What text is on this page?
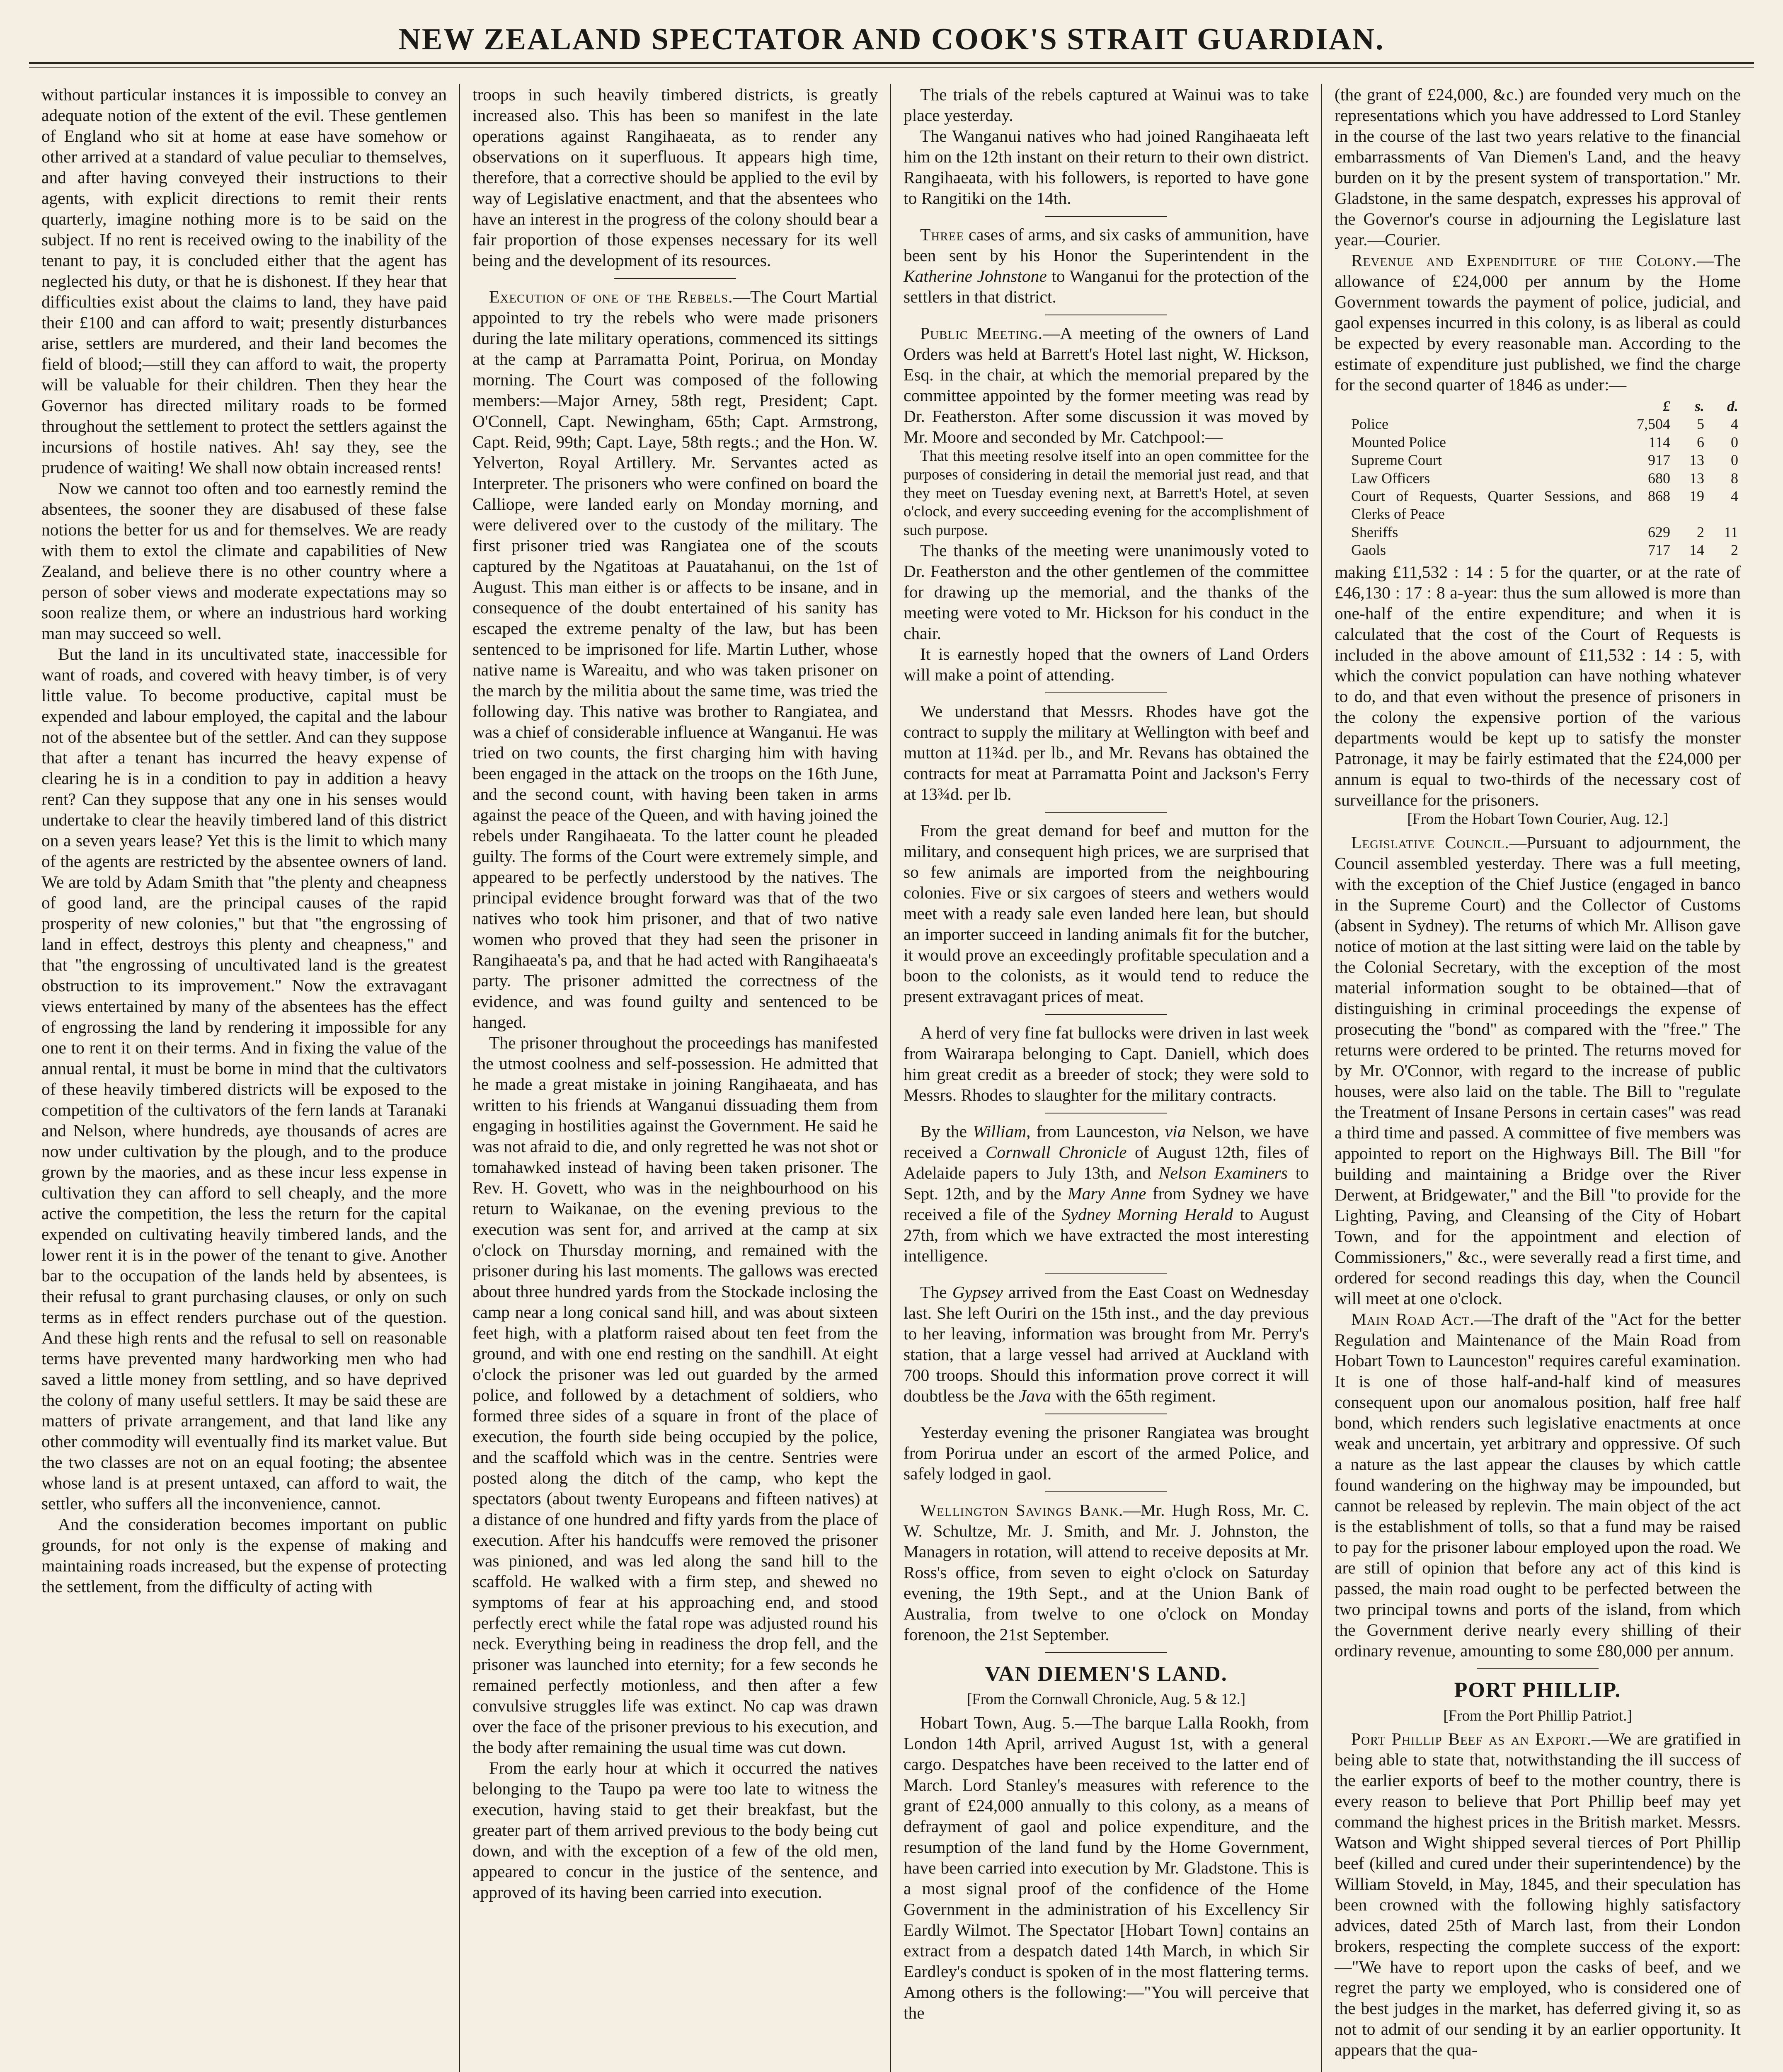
NEW ZEALAND SPECTATOR AND COOK'S STRAIT GUARDIAN.

without particular instances it is impossible to convey an adequate notion of the extent of the evil. These gentlemen of England who sit at home at ease have somehow or other arrived at a standard of value peculiar to themselves, and after having conveyed their instructions to their agents, with explicit directions to remit their rents quarterly, imagine nothing more is to be said on the subject. If no rent is received owing to the inability of the tenant to pay, it is concluded either that the agent has neglected his duty, or that he is dishonest. If they hear that difficulties exist about the claims to land, they have paid their £100 and can afford to wait; presently disturbances arise, settlers are murdered, and their land becomes the field of blood;—still they can afford to wait, the property will be valuable for their children. Then they hear the Governor has directed military roads to be formed throughout the settlement to protect the settlers against the incursions of hostile natives. Ah! say they, see the prudence of waiting! We shall now obtain increased rents!

Now we cannot too often and too earnestly remind the absentees, the sooner they are disabused of these false notions the better for us and for themselves. We are ready with them to extol the climate and capabilities of New Zealand, and believe there is no other country where a person of sober views and moderate expectations may so soon realize them, or where an industrious hard working man may succeed so well.

But the land in its uncultivated state, inaccessible for want of roads, and covered with heavy timber, is of very little value. To become productive, capital must be expended and labour employed, the capital and the labour not of the absentee but of the settler. And can they suppose that after a tenant has incurred the heavy expense of clearing he is in a condition to pay in addition a heavy rent? Can they suppose that any one in his senses would undertake to clear the heavily timbered land of this district on a seven years lease? Yet this is the limit to which many of the agents are restricted by the absentee owners of land. We are told by Adam Smith that "the plenty and cheapness of good land, are the principal causes of the rapid prosperity of new colonies," but that "the engrossing of land in effect, destroys this plenty and cheapness," and that "the engrossing of uncultivated land is the greatest obstruction to its improvement." Now the extravagant views entertained by many of the absentees has the effect of engrossing the land by rendering it impossible for any one to rent it on their terms. And in fixing the value of the annual rental, it must be borne in mind that the cultivators of these heavily timbered districts will be exposed to the competition of the cultivators of the fern lands at Taranaki and Nelson, where hundreds, aye thousands of acres are now under cultivation by the plough, and to the produce grown by the maories, and as these incur less expense in cultivation they can afford to sell cheaply, and the more active the competition, the less the return for the capital expended on cultivating heavily timbered lands, and the lower rent it is in the power of the tenant to give. Another bar to the occupation of the lands held by absentees, is their refusal to grant purchasing clauses, or only on such terms as in effect renders purchase out of the question. And these high rents and the refusal to sell on reasonable terms have prevented many hardworking men who had saved a little money from settling, and so have deprived the colony of many useful settlers. It may be said these are matters of private arrangement, and that land like any other commodity will eventually find its market value. But the two classes are not on an equal footing; the absentee whose land is at present untaxed, can afford to wait, the settler, who suffers all the inconvenience, cannot.

And the consideration becomes important on public grounds, for not only is the expense of making and maintaining roads increased, but the expense of protecting the settlement, from the difficulty of acting with

troops in such heavily timbered districts, is greatly increased also. This has been so manifest in the late operations against Rangihaeata, as to render any observations on it superfluous. It appears high time, therefore, that a corrective should be applied to the evil by way of Legislative enactment, and that the absentees who have an interest in the progress of the colony should bear a fair proportion of those expenses necessary for its well being and the development of its resources.

Execution of one of the Rebels.—The Court Martial appointed to try the rebels who were made prisoners during the late military operations, commenced its sittings at the camp at Parramatta Point, Porirua, on Monday morning. The Court was composed of the following members:—Major Arney, 58th regt, President; Capt. O'Connell, Capt. Newingham, 65th; Capt. Armstrong, Capt. Reid, 99th; Capt. Laye, 58th regts.; and the Hon. W. Yelverton, Royal Artillery. Mr. Servantes acted as Interpreter. The prisoners who were confined on board the Calliope, were landed early on Monday morning, and were delivered over to the custody of the military. The first prisoner tried was Rangiatea one of the scouts captured by the Ngatitoas at Pauatahanui, on the 1st of August. This man either is or affects to be insane, and in consequence of the doubt entertained of his sanity has escaped the extreme penalty of the law, but has been sentenced to be imprisoned for life. Martin Luther, whose native name is Wareaitu, and who was taken prisoner on the march by the militia about the same time, was tried the following day. This native was brother to Rangiatea, and was a chief of considerable influence at Wanganui. He was tried on two counts, the first charging him with having been engaged in the attack on the troops on the 16th June, and the second count, with having been taken in arms against the peace of the Queen, and with having joined the rebels under Rangihaeata. To the latter count he pleaded guilty. The forms of the Court were extremely simple, and appeared to be perfectly understood by the natives. The principal evidence brought forward was that of the two natives who took him prisoner, and that of two native women who proved that they had seen the prisoner in Rangihaeata's pa, and that he had acted with Rangihaeata's party. The prisoner admitted the correctness of the evidence, and was found guilty and sentenced to be hanged.

The prisoner throughout the proceedings has manifested the utmost coolness and self-possession. He admitted that he made a great mistake in joining Rangihaeata, and has written to his friends at Wanganui dissuading them from engaging in hostilities against the Government. He said he was not afraid to die, and only regretted he was not shot or tomahawked instead of having been taken prisoner. The Rev. H. Govett, who was in the neighbourhood on his return to Waikanae, on the evening previous to the execution was sent for, and arrived at the camp at six o'clock on Thursday morning, and remained with the prisoner during his last moments. The gallows was erected about three hundred yards from the Stockade inclosing the camp near a long conical sand hill, and was about sixteen feet high, with a platform raised about ten feet from the ground, and with one end resting on the sandhill. At eight o'clock the prisoner was led out guarded by the armed police, and followed by a detachment of soldiers, who formed three sides of a square in front of the place of execution, the fourth side being occupied by the police, and the scaffold which was in the centre. Sentries were posted along the ditch of the camp, who kept the spectators (about twenty Europeans and fifteen natives) at a distance of one hundred and fifty yards from the place of execution. After his handcuffs were removed the prisoner was pinioned, and was led along the sand hill to the scaffold. He walked with a firm step, and shewed no symptoms of fear at his approaching end, and stood perfectly erect while the fatal rope was adjusted round his neck. Everything being in readiness the drop fell, and the prisoner was launched into eternity; for a few seconds he remained perfectly motionless, and then after a few convulsive struggles life was extinct. No cap was drawn over the face of the prisoner previous to his execution, and the body after remaining the usual time was cut down.

From the early hour at which it occurred the natives belonging to the Taupo pa were too late to witness the execution, having staid to get their breakfast, but the greater part of them arrived previous to the body being cut down, and with the exception of a few of the old men, appeared to concur in the justice of the sentence, and approved of its having been carried into execution.

The trials of the rebels captured at Wainui was to take place yesterday.

The Wanganui natives who had joined Rangihaeata left him on the 12th instant on their return to their own district. Rangihaeata, with his followers, is reported to have gone to Rangitiki on the 14th.

Three cases of arms, and six casks of ammunition, have been sent by his Honor the Superintendent in the Katherine Johnstone to Wanganui for the protection of the settlers in that district.

Public Meeting.—A meeting of the owners of Land Orders was held at Barrett's Hotel last night, W. Hickson, Esq. in the chair, at which the memorial prepared by the committee appointed by the former meeting was read by Dr. Featherston. After some discussion it was moved by Mr. Moore and seconded by Mr. Catchpool:—

That this meeting resolve itself into an open committee for the purposes of considering in detail the memorial just read, and that they meet on Tuesday evening next, at Barrett's Hotel, at seven o'clock, and every succeeding evening for the accomplishment of such purpose.

The thanks of the meeting were unanimously voted to Dr. Featherston and the other gentlemen of the committee for drawing up the memorial, and the thanks of the meeting were voted to Mr. Hickson for his conduct in the chair.

It is earnestly hoped that the owners of Land Orders will make a point of attending.

We understand that Messrs. Rhodes have got the contract to supply the military at Wellington with beef and mutton at 11¾d. per lb., and Mr. Revans has obtained the contracts for meat at Parramatta Point and Jackson's Ferry at 13¾d. per lb.

From the great demand for beef and mutton for the military, and consequent high prices, we are surprised that so few animals are imported from the neighbouring colonies. Five or six cargoes of steers and wethers would meet with a ready sale even landed here lean, but should an importer succeed in landing animals fit for the butcher, it would prove an exceedingly profitable speculation and a boon to the colonists, as it would tend to reduce the present extravagant prices of meat.

A herd of very fine fat bullocks were driven in last week from Wairarapa belonging to Capt. Daniell, which does him great credit as a breeder of stock; they were sold to Messrs. Rhodes to slaughter for the military contracts.

By the William, from Launceston, via Nelson, we have received a Cornwall Chronicle of August 12th, files of Adelaide papers to July 13th, and Nelson Examiners to Sept. 12th, and by the Mary Anne from Sydney we have received a file of the Sydney Morning Herald to August 27th, from which we have extracted the most interesting intelligence.

The Gypsey arrived from the East Coast on Wednesday last. She left Ouriri on the 15th inst., and the day previous to her leaving, information was brought from Mr. Perry's station, that a large vessel had arrived at Auckland with 700 troops. Should this information prove correct it will doubtless be the Java with the 65th regiment.

Yesterday evening the prisoner Rangiatea was brought from Porirua under an escort of the armed Police, and safely lodged in gaol.

Wellington Savings Bank.—Mr. Hugh Ross, Mr. C. W. Schultze, Mr. J. Smith, and Mr. J. Johnston, the Managers in rotation, will attend to receive deposits at Mr. Ross's office, from seven to eight o'clock on Saturday evening, the 19th Sept., and at the Union Bank of Australia, from twelve to one o'clock on Monday forenoon, the 21st September.

VAN DIEMEN'S LAND.
[From the Cornwall Chronicle, Aug. 5 & 12.]

Hobart Town, Aug. 5.—The barque Lalla Rookh, from London 14th April, arrived August 1st, with a general cargo. Despatches have been received to the latter end of March. Lord Stanley's measures with reference to the grant of £24,000 annually to this colony, as a means of defrayment of gaol and police expenditure, and the resumption of the land fund by the Home Government, have been carried into execution by Mr. Gladstone. This is a most signal proof of the confidence of the Home Government in the administration of his Excellency Sir Eardly Wilmot. The Spectator [Hobart Town] contains an extract from a despatch dated 14th March, in which Sir Eardley's conduct is spoken of in the most flattering terms. Among others is the following:—"You will perceive that the

(the grant of £24,000, &c.) are founded very much on the representations which you have addressed to Lord Stanley in the course of the last two years relative to the financial embarrassments of Van Diemen's Land, and the heavy burden on it by the present system of transportation." Mr. Gladstone, in the same despatch, expresses his approval of the Governor's course in adjourning the Legislature last year.—Courier.

Revenue and Expenditure of the Colony.—The allowance of £24,000 per annum by the Home Government towards the payment of police, judicial, and gaol expenses incurred in this colony, is as liberal as could be expected by every reasonable man. According to the estimate of expenditure just published, we find the charge for the second quarter of 1846 as under:—

	£	s.	d.
Police	7,504	5	4
Mounted Police	114	6	0
Supreme Court	917	13	0
Law Officers	680	13	8
Court of Requests, Quarter Sessions, and Clerks of Peace	868	19	4
Sheriffs	629	2	11
Gaols	717	14	2

making £11,532 : 14 : 5 for the quarter, or at the rate of £46,130 : 17 : 8 a-year: thus the sum allowed is more than one-half of the entire expenditure; and when it is calculated that the cost of the Court of Requests is included in the above amount of £11,532 : 14 : 5, with which the convict population can have nothing whatever to do, and that even without the presence of prisoners in the colony the expensive portion of the various departments would be kept up to satisfy the monster Patronage, it may be fairly estimated that the £24,000 per annum is equal to two-thirds of the necessary cost of surveillance for the prisoners.

[From the Hobart Town Courier, Aug. 12.]

Legislative Council.—Pursuant to adjournment, the Council assembled yesterday. There was a full meeting, with the exception of the Chief Justice (engaged in banco in the Supreme Court) and the Collector of Customs (absent in Sydney). The returns of which Mr. Allison gave notice of motion at the last sitting were laid on the table by the Colonial Secretary, with the exception of the most material information sought to be obtained—that of distinguishing in criminal proceedings the expense of prosecuting the "bond" as compared with the "free." The returns were ordered to be printed. The returns moved for by Mr. O'Connor, with regard to the increase of public houses, were also laid on the table. The Bill to "regulate the Treatment of Insane Persons in certain cases" was read a third time and passed. A committee of five members was appointed to report on the Highways Bill. The Bill "for building and maintaining a Bridge over the River Derwent, at Bridgewater," and the Bill "to provide for the Lighting, Paving, and Cleansing of the City of Hobart Town, and for the appointment and election of Commissioners," &c., were severally read a first time, and ordered for second readings this day, when the Council will meet at one o'clock.

Main Road Act.—The draft of the "Act for the better Regulation and Maintenance of the Main Road from Hobart Town to Launceston" requires careful examination. It is one of those half-and-half kind of measures consequent upon our anomalous position, half free half bond, which renders such legislative enactments at once weak and uncertain, yet arbitrary and oppressive. Of such a nature as the last appear the clauses by which cattle found wandering on the highway may be impounded, but cannot be released by replevin. The main object of the act is the establishment of tolls, so that a fund may be raised to pay for the prisoner labour employed upon the road. We are still of opinion that before any act of this kind is passed, the main road ought to be perfected between the two principal towns and ports of the island, from which the Government derive nearly every shilling of their ordinary revenue, amounting to some £80,000 per annum.

PORT PHILLIP.
[From the Port Phillip Patriot.]

Port Phillip Beef as an Export.—We are gratified in being able to state that, notwithstanding the ill success of the earlier exports of beef to the mother country, there is every reason to believe that Port Phillip beef may yet command the highest prices in the British market. Messrs. Watson and Wight shipped several tierces of Port Phillip beef (killed and cured under their superintendence) by the William Stoveld, in May, 1845, and their speculation has been crowned with the following highly satisfactory advices, dated 25th of March last, from their London brokers, respecting the complete success of the export:—"We have to report upon the casks of beef, and we regret the party we employed, who is considered one of the best judges in the market, has deferred giving it, so as not to admit of our sending it by an earlier opportunity. It appears that the qua-
